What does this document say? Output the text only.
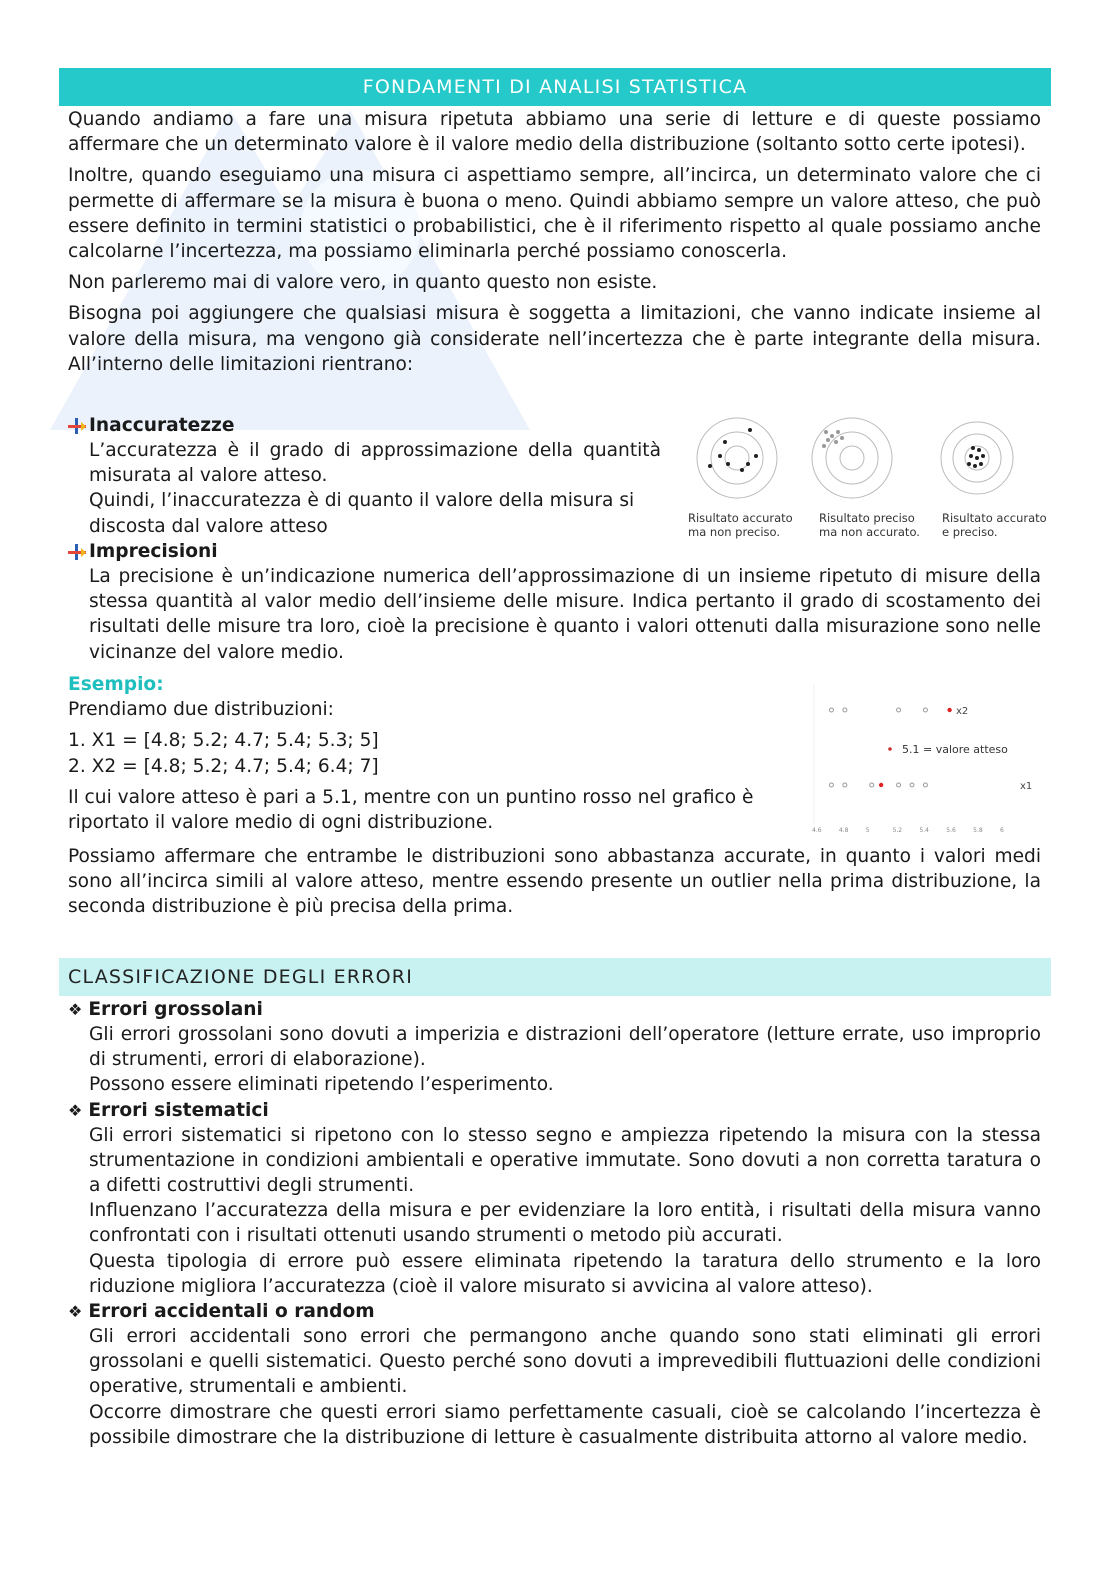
FONDAMENTI DI ANALISI STATISTICA

Quando andiamo a fare una misura ripetuta abbiamo una serie di letture e di queste possiamo affermare che un determinato valore è il valore medio della distribuzione (soltanto sotto certe ipotesi).

Inoltre, quando eseguiamo una misura ci aspettiamo sempre, all’incirca, un determinato valore che ci permette di affermare se la misura è buona o meno. Quindi abbiamo sempre un valore atteso, che può essere definito in termini statistici o probabilistici, che è il riferimento rispetto al quale possiamo anche calcolarne l’incertezza, ma possiamo eliminarla perché possiamo conoscerla.

Non parleremo mai di valore vero, in quanto questo non esiste.

Bisogna poi aggiungere che qualsiasi misura è soggetta a limitazioni, che vanno indicate insieme al valore della misura, ma vengono già considerate nell’incertezza che è parte integrante della misura. All’interno delle limitazioni rientrano:

Inaccuratezze

L’accuratezza è il grado di approssimazione della quantità misurata al valore atteso.

Quindi, l’inaccuratezza è di quanto il valore della misura si discosta dal valore atteso	Risultato accurato
ma non preciso.
Risultato preciso
ma non accurato.
Risultato accurato
e preciso.
Imprecisioni

La precisione è un’indicazione numerica dell’approssimazione di un insieme ripetuto di misure della stessa quantità al valor medio dell’insieme delle misure. Indica pertanto il grado di scostamento dei risultati delle misure tra loro, cioè la precisione è quanto i valori ottenuti dalla misurazione sono nelle vicinanze del valore medio.

Esempio:
Prendiamo due distribuzioni:
1. X1 = [4.8; 5.2; 4.7; 5.4; 5.3; 5]
2. X2 = [4.8; 5.2; 4.7; 5.4; 6.4; 7]

Il cui valore atteso è pari a 5.1, mentre con un puntino rosso nel grafico è riportato il valore medio di ogni distribuzione.

5.1 = valore atteso
x2
x1
4.6	4.8	5	5.2	5.4	5.6	5.8	6

Possiamo affermare che entrambe le distribuzioni sono abbastanza accurate, in quanto i valori medi sono all’incirca simili al valore atteso, mentre essendo presente un outlier nella prima distribuzione, la seconda distribuzione è più precisa della prima.

CLASSIFICAZIONE DEGLI ERRORI
❖ Errori grossolani

Gli errori grossolani sono dovuti a imperizia e distrazioni dell’operatore (letture errate, uso improprio di strumenti, errori di elaborazione).

Possono essere eliminati ripetendo l’esperimento.

❖ Errori sistematici

Gli errori sistematici si ripetono con lo stesso segno e ampiezza ripetendo la misura con la stessa strumentazione in condizioni ambientali e operative immutate. Sono dovuti a non corretta taratura o a difetti costruttivi degli strumenti.

Influenzano l’accuratezza della misura e per evidenziare la loro entità, i risultati della misura vanno confrontati con i risultati ottenuti usando strumenti o metodo più accurati.

Questa tipologia di errore può essere eliminata ripetendo la taratura dello strumento e la loro riduzione migliora l’accuratezza (cioè il valore misurato si avvicina al valore atteso).

❖ Errori accidentali o random

Gli errori accidentali sono errori che permangono anche quando sono stati eliminati gli errori grossolani e quelli sistematici. Questo perché sono dovuti a imprevedibili fluttuazioni delle condizioni operative, strumentali e ambienti.

Occorre dimostrare che questi errori siamo perfettamente casuali, cioè se calcolando l’incertezza è possibile dimostrare che la distribuzione di letture è casualmente distribuita attorno al valore medio.
